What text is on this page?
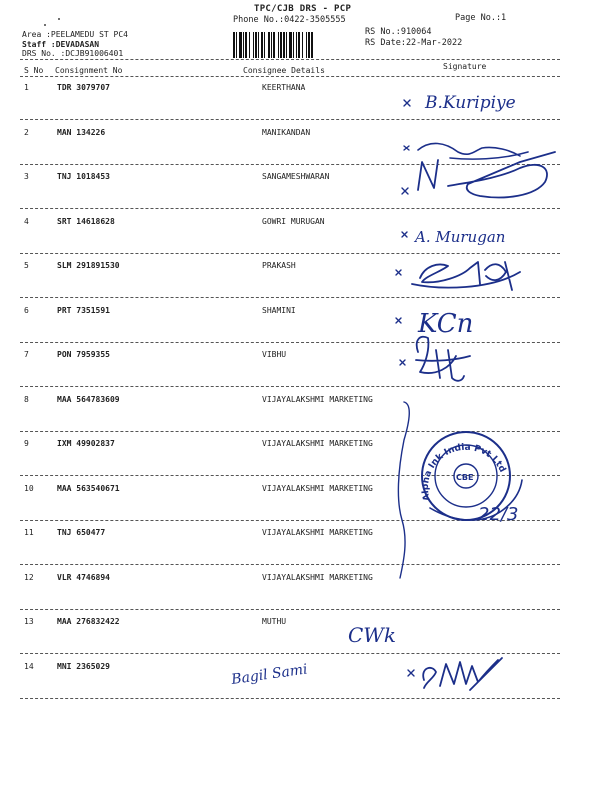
TPC/CJB DRS - PCP
Phone No.:0422-3505555	Page No.:1
RS No.:910064
RS Date:22-Mar-2022
Area :PEELAMEDU ST PC4
Staff :DEVADASAN
DRS No. :DCJB91006401
S No Consignment No	Consignee Details	Signature
1	TDR 3079707	KEERTHANA
2	MAN 134226	MANIKANDAN
3	TNJ 1018453	SANGAMESHWARAN
4	SRT 14618628	GOWRI MURUGAN
5	SLM 291891530	PRAKASH
6	PRT 7351591	SHAMINI
7	PON 7959355	VIBHU
8	MAA 564783609	VIJAYALAKSHMI MARKETING
9	IXM 49902837	VIJAYALAKSHMI MARKETING
10	MAA 563540671	VIJAYALAKSHMI MARKETING
11	TNJ 650477	VIJAYALAKSHMI MARKETING
12	VLR 4746894	VIJAYALAKSHMI MARKETING
13	MAA 276832422	MUTHU
14	MNI 2365029
B.Kuripiye
A. Murugan
KCn
Alpha Ink India Pvt Ltd
CBE
22/3
CWk
Bagil Sami
